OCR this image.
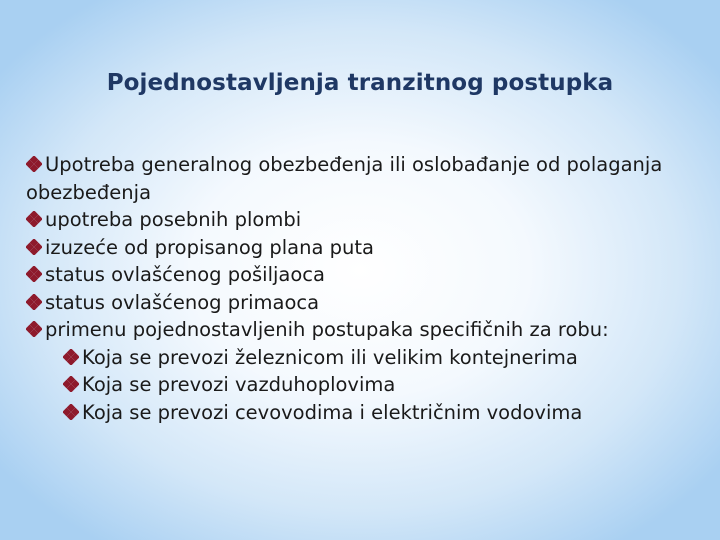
Pojednostavljenja tranzitnog postupka
Upotreba generalnog obezbeđenja ili oslobađanje od polaganja obezbeđenja
upotreba posebnih plombi
izuzeće od propisanog plana puta
status ovlašćenog pošiljaoca
status ovlašćenog primaoca
primenu pojednostavljenih postupaka specifičnih za robu:
Koja se prevozi železnicom ili velikim kontejnerima
Koja se prevozi vazduhoplovima
Koja se prevozi cevovodima i električnim vodovima
